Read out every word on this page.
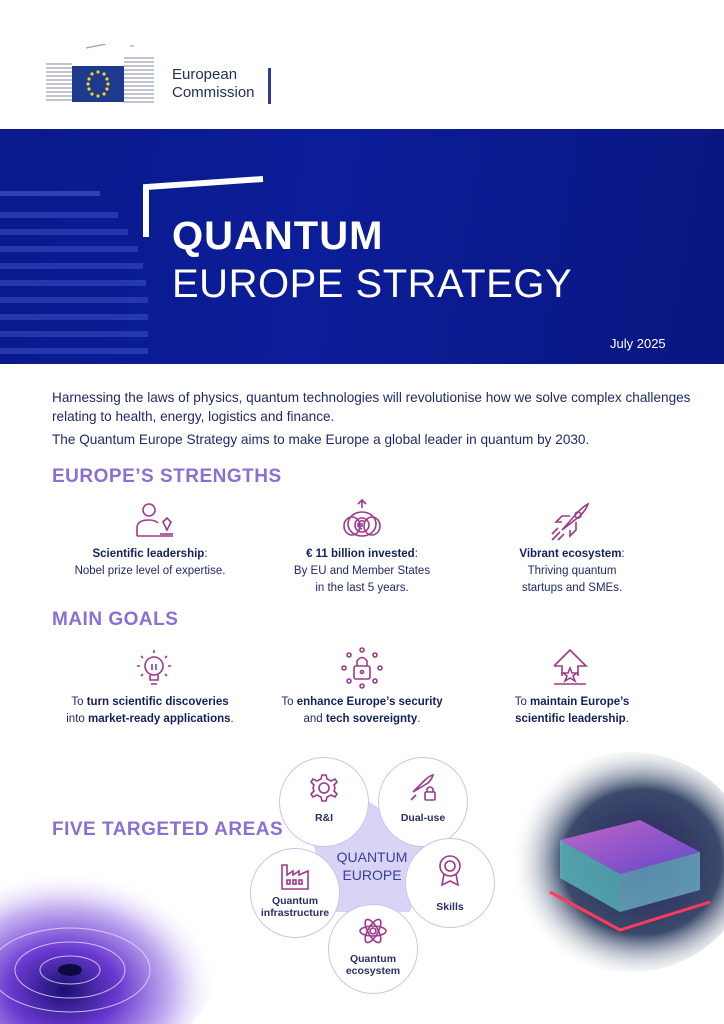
European
Commission
QUANTUM
EUROPE STRATEGY
July 2025
Harnessing the laws of physics, quantum technologies will revolutionise how we solve complex challenges relating to health, energy, logistics and finance.
The Quantum Europe Strategy aims to make Europe a global leader in quantum by 2030.
EUROPE’S STRENGTHS
Scientific leadership:
Nobel prize level of expertise.
€ 11 billion invested:
By EU and Member States
in the last 5 years.
Vibrant ecosystem:
Thriving quantum
startups and SMEs.
MAIN GOALS
To turn scientific discoveries
into market-ready applications.
To enhance Europe’s security
and tech sovereignty.
To maintain Europe’s
scientific leadership.
FIVE TARGETED AREAS
R&I	Dual-use
Skills
Quantum ecosystem
Quantum
infrastructure
QUANTUM
EUROPE
